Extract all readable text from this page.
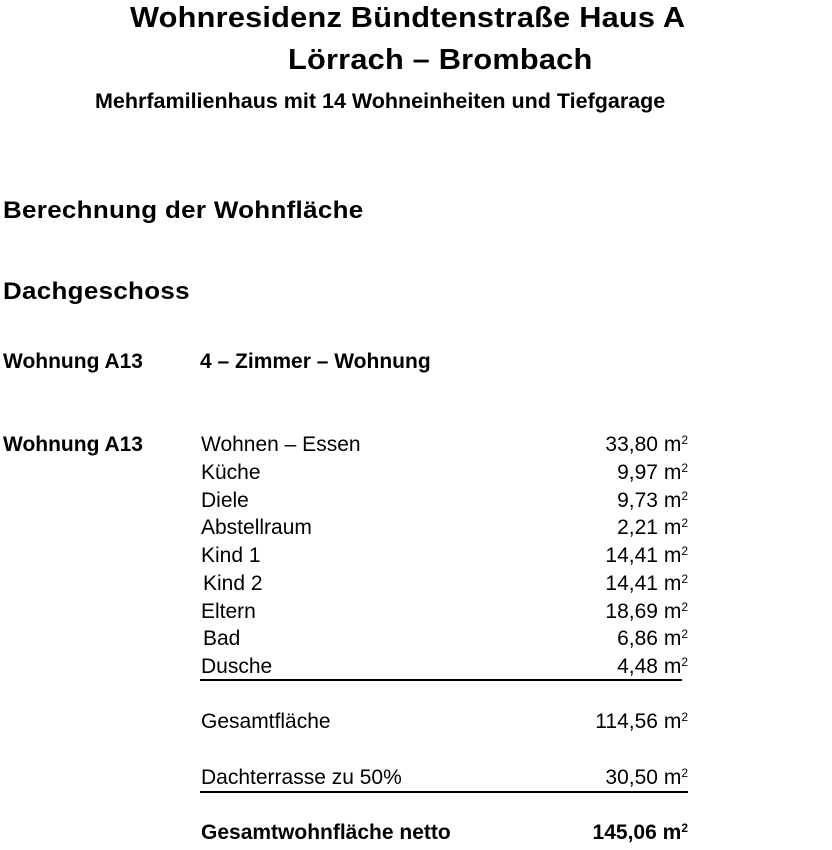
Wohnresidenz Bündtenstraße Haus A
Lörrach – Brombach
Mehrfamilienhaus mit 14 Wohneinheiten und Tiefgarage
Berechnung der Wohnfläche
Dachgeschoss
Wohnung A13	4 – Zimmer – Wohnung
Wohnung A13	Wohnen – Essen	33,80 $m^2$
Küche	9,97 $m^2$
Diele	9,73 $m^2$
Abstellraum	2,21 $m^2$
Kind 1	14,41 $m^2$
Kind 2	14,41 $m^2$
Eltern	18,69 $m^2$
Bad	6,86 $m^2$
Dusche	4,48 $m^2$
Gesamtfläche	114,56 $m^2$
Dachterrasse zu 50%	30,50 $m^2$
Gesamtwohnfläche netto	145,06 $m^2$
